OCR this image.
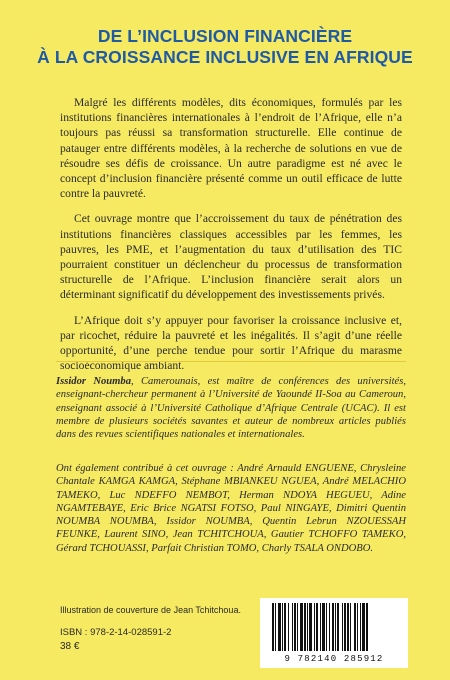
DE L’INCLUSION FINANCIÈRE
À LA CROISSANCE INCLUSIVE EN AFRIQUE

Malgré les différents modèles, dits économiques, formulés par les institutions financières internationales à l’endroit de l’Afrique, elle n’a toujours pas réussi sa transformation structurelle. Elle continue de patauger entre différents modèles, à la recherche de solutions en vue de résoudre ses défis de croissance. Un autre paradigme est né avec le concept d’inclusion financière présenté comme un outil efficace de lutte contre la pauvreté.

Cet ouvrage montre que l’accroissement du taux de pénétration des institutions financières classiques accessibles par les femmes, les pauvres, les PME, et l’augmentation du taux d’utilisation des TIC pourraient constituer un déclencheur du processus de transformation structurelle de l’Afrique. L’inclusion financière serait alors un déterminant significatif du développement des investissements privés.

L’Afrique doit s’y appuyer pour favoriser la croissance inclusive et, par ricochet, réduire la pauvreté et les inégalités. Il s’agit d’une réelle opportunité, d’une perche tendue pour sortir l’Afrique du marasme socioéconomique ambiant.

Issidor Noumba, Camerounais, est maître de conférences des universités, enseignant-chercheur permanent à l’Université de Yaoundé II-Soa au Cameroun, enseignant associé à l’Université Catholique d’Afrique Centrale (UCAC). Il est membre de plusieurs sociétés savantes et auteur de nombreux articles publiés dans des revues scientifiques nationales et internationales.
Ont également contribué à cet ouvrage : André Arnauld ENGUENE, Chrysleine Chantale KAMGA KAMGA, Stéphane MBIANKEU NGUEA, André MELACHIO TAMEKO, Luc NDEFFO NEMBOT, Herman NDOYA HEGUEU, Adine NGAMTEBAYE, Eric Brice NGATSI FOTSO, Paul NINGAYE, Dimitri Quentin NOUMBA NOUMBA, Issidor NOUMBA, Quentin Lebrun NZOUESSAH FEUNKE, Laurent SINO, Jean TCHITCHOUA, Gautier TCHOFFO TAMEKO, Gérard TCHOUASSI, Parfait Christian TOMO, Charly TSALA ONDOBO.
Illustration de couverture de Jean Tchitchoua.
ISBN : 978-2-14-028591-2
38 €
9 782140 285912
